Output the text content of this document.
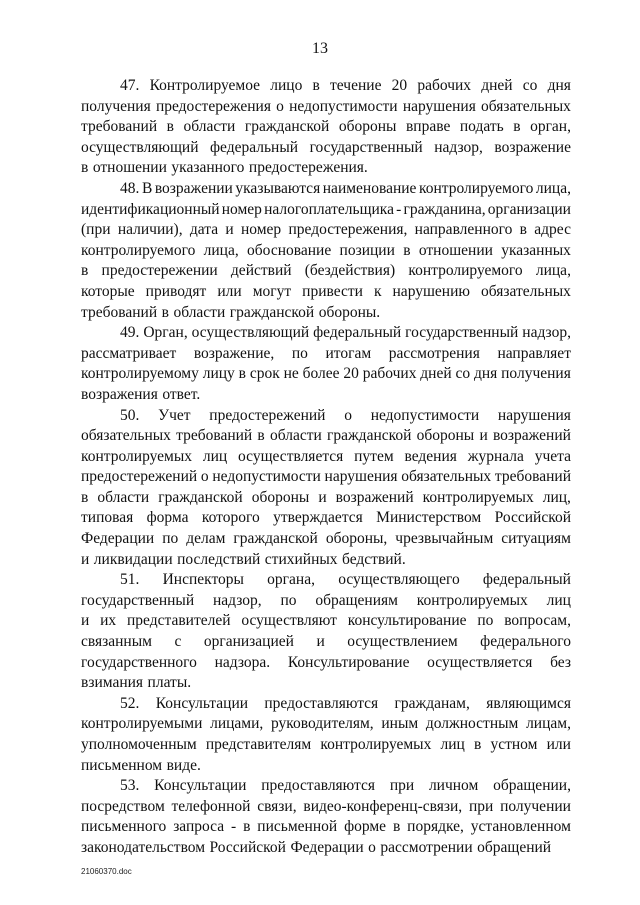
13
47. Контролируемое лицо в течение 20 рабочих дней со дня
получения предостережения о недопустимости нарушения обязательных
требований в области гражданской обороны вправе подать в орган,
осуществляющий федеральный государственный надзор, возражение
в отношении указанного предостережения.
48. В возражении указываются наименование контролируемого лица,
идентификационный номер налогоплательщика - гражданина, организации
(при наличии), дата и номер предостережения, направленного в адрес
контролируемого лица, обоснование позиции в отношении указанных
в предостережении действий (бездействия) контролируемого лица,
которые приводят или могут привести к нарушению обязательных
требований в области гражданской обороны.
49. Орган, осуществляющий федеральный государственный надзор,
рассматривает возражение, по итогам рассмотрения направляет
контролируемому лицу в срок не более 20 рабочих дней со дня получения
возражения ответ.
50. Учет предостережений о недопустимости нарушения
обязательных требований в области гражданской обороны и возражений
контролируемых лиц осуществляется путем ведения журнала учета
предостережений о недопустимости нарушения обязательных требований
в области гражданской обороны и возражений контролируемых лиц,
типовая форма которого утверждается Министерством Российской
Федерации по делам гражданской обороны, чрезвычайным ситуациям
и ликвидации последствий стихийных бедствий.
51. Инспекторы органа, осуществляющего федеральный
государственный надзор, по обращениям контролируемых лиц
и их представителей осуществляют консультирование по вопросам,
связанным с организацией и осуществлением федерального
государственного надзора. Консультирование осуществляется без
взимания платы.
52. Консультации предоставляются гражданам, являющимся
контролируемыми лицами, руководителям, иным должностным лицам,
уполномоченным представителям контролируемых лиц в устном или
письменном виде.
53. Консультации предоставляются при личном обращении,
посредством телефонной связи, видео-конференц-связи, при получении
письменного запроса - в письменной форме в порядке, установленном
законодательством Российской Федерации о рассмотрении обращений
21060370.doc
